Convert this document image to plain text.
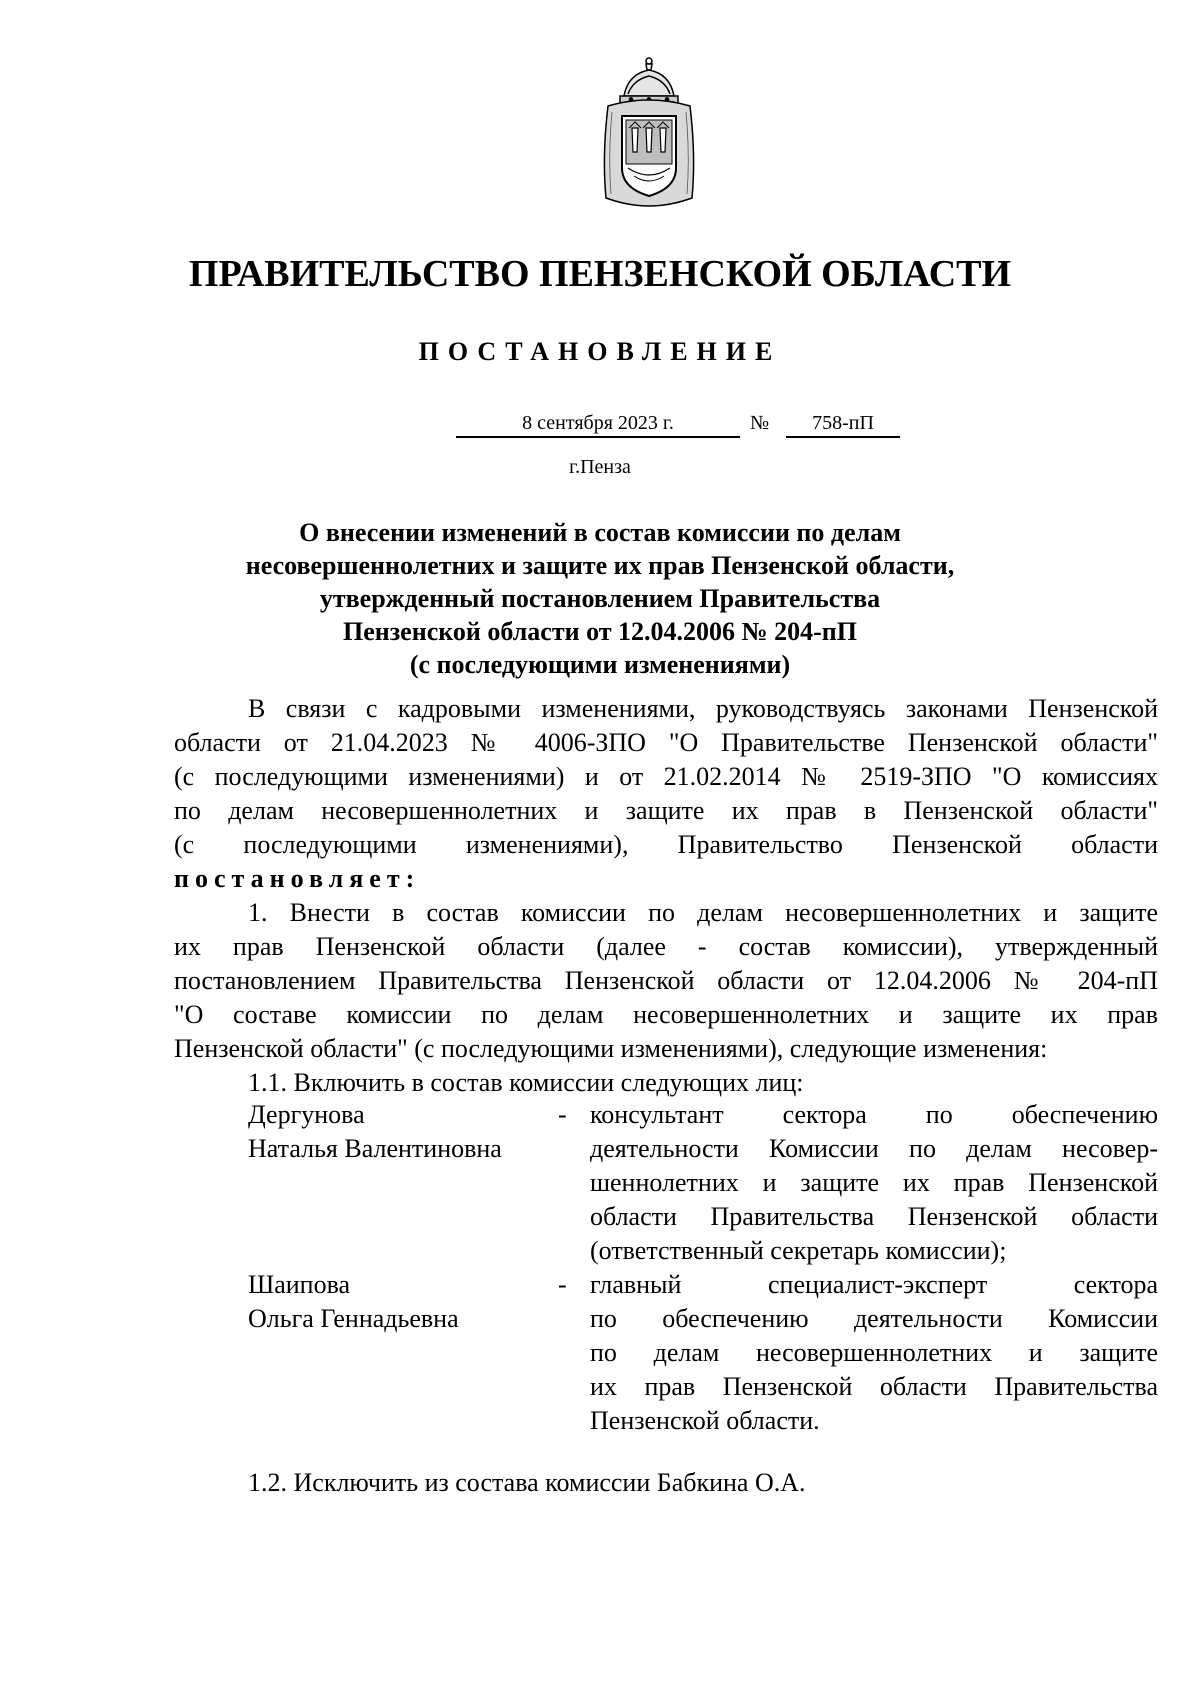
ПРАВИТЕЛЬСТВО ПЕНЗЕНСКОЙ ОБЛАСТИ
ПОСТАНОВЛЕНИЕ
8 сентября 2023 г.	№	758-пП
г.Пенза
О внесении изменений в состав комиссии по делам
несовершеннолетних и защите их прав Пензенской области,
утвержденный постановлением Правительства
Пензенской области от 12.04.2006 № 204-пП
(с последующими изменениями)
В связи с кадровыми изменениями, руководствуясь законами Пензенской
области от 21.04.2023 № 4006-ЗПО "О Правительстве Пензенской области"
(с последующими изменениями) и от 21.02.2014 № 2519-ЗПО "О комиссиях
по делам несовершеннолетних и защите их прав в Пензенской области"
(с последующими изменениями), Правительство Пензенской области
постановляет:
1. Внести в состав комиссии по делам несовершеннолетних и защите
их прав Пензенской области (далее - состав комиссии), утвержденный
постановлением Правительства Пензенской области от 12.04.2006 № 204-пП
"О составе комиссии по делам несовершеннолетних и защите их прав
Пензенской области" (с последующими изменениями), следующие изменения:
1.1. Включить в состав комиссии следующих лиц:
Дергунова
Наталья Валентиновна
- консультант сектора по обеспечению
деятельности Комиссии по делам несовер-
шеннолетних и защите их прав Пензенской
области Правительства Пензенской области
(ответственный секретарь комиссии);
Шаипова
Ольга Геннадьевна
- главный специалист-эксперт сектора
по обеспечению деятельности Комиссии
по делам несовершеннолетних и защите
их прав Пензенской области Правительства
Пензенской области.
1.2. Исключить из состава комиссии Бабкина О.А.
